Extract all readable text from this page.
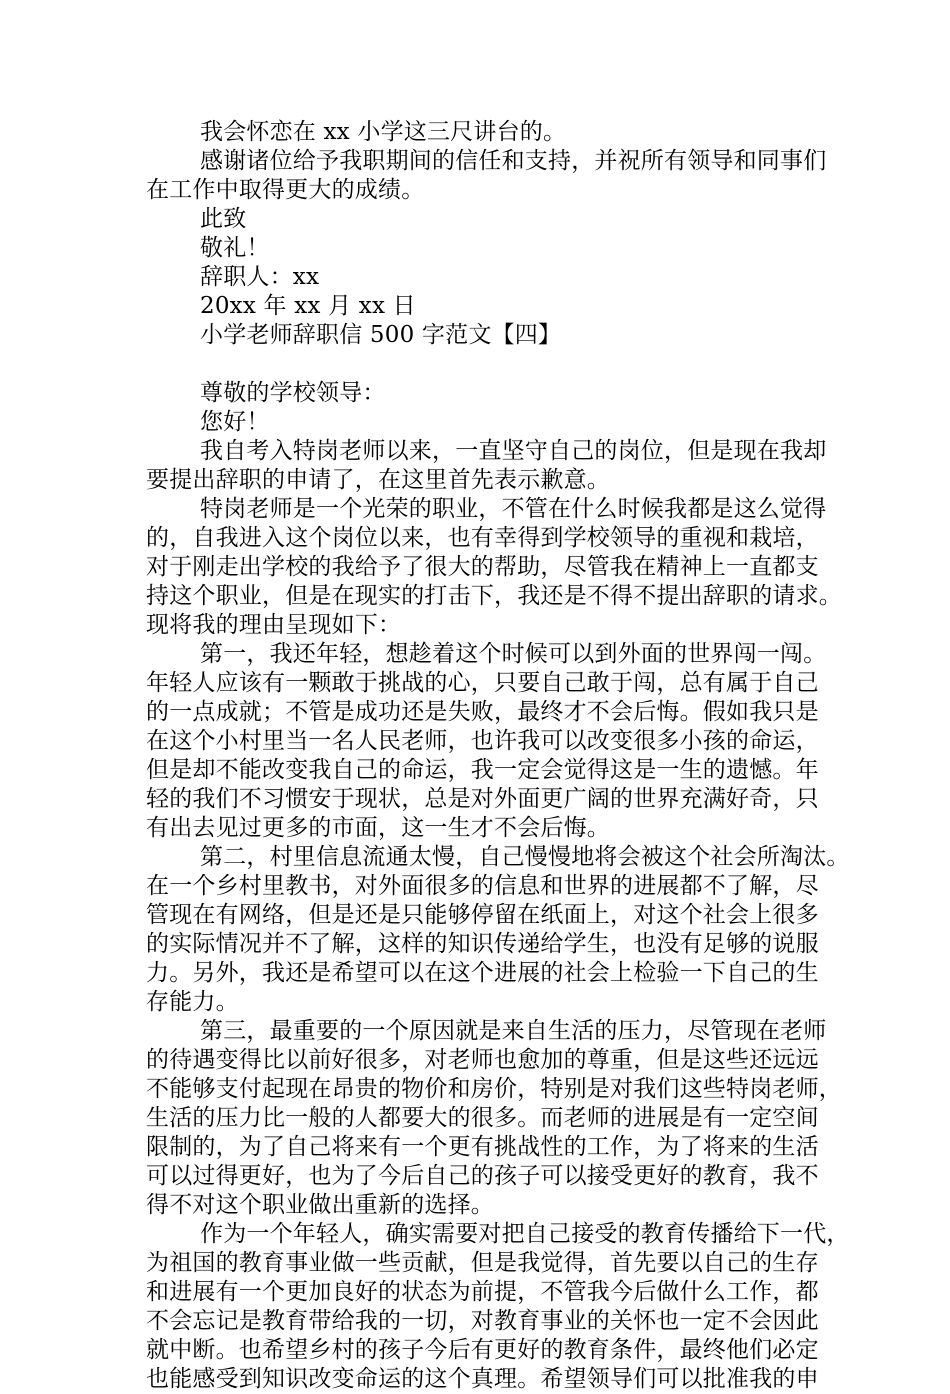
我会怀恋在 xx 小学这三尺讲台的。
感谢诸位给予我职期间的信任和支持，并祝所有领导和同事们
在工作中取得更大的成绩。
此致
敬礼！
辞职人：xx
20xx 年 xx 月 xx 日
小学老师辞职信 500 字范文【四】
尊敬的学校领导：
您好！
我自考入特岗老师以来，一直坚守自己的岗位，但是现在我却
要提出辞职的申请了，在这里首先表示歉意。
特岗老师是一个光荣的职业，不管在什么时候我都是这么觉得
的，自我进入这个岗位以来，也有幸得到学校领导的重视和栽培，
对于刚走出学校的我给予了很大的帮助，尽管我在精神上一直都支
持这个职业，但是在现实的打击下，我还是不得不提出辞职的请求。
现将我的理由呈现如下：
第一，我还年轻，想趁着这个时候可以到外面的世界闯一闯。
年轻人应该有一颗敢于挑战的心，只要自己敢于闯，总有属于自己
的一点成就；不管是成功还是失败，最终才不会后悔。假如我只是
在这个小村里当一名人民老师，也许我可以改变很多小孩的命运，
但是却不能改变我自己的命运，我一定会觉得这是一生的遗憾。年
轻的我们不习惯安于现状，总是对外面更广阔的世界充满好奇，只
有出去见过更多的市面，这一生才不会后悔。
第二，村里信息流通太慢，自己慢慢地将会被这个社会所淘汰。
在一个乡村里教书，对外面很多的信息和世界的进展都不了解，尽
管现在有网络，但是还是只能够停留在纸面上，对这个社会上很多
的实际情况并不了解，这样的知识传递给学生，也没有足够的说服
力。另外，我还是希望可以在这个进展的社会上检验一下自己的生
存能力。
第三，最重要的一个原因就是来自生活的压力，尽管现在老师
的待遇变得比以前好很多，对老师也愈加的尊重，但是这些还远远
不能够支付起现在昂贵的物价和房价，特别是对我们这些特岗老师，
生活的压力比一般的人都要大的很多。而老师的进展是有一定空间
限制的，为了自己将来有一个更有挑战性的工作，为了将来的生活
可以过得更好，也为了今后自己的孩子可以接受更好的教育，我不
得不对这个职业做出重新的选择。
作为一个年轻人，确实需要对把自己接受的教育传播给下一代，
为祖国的教育事业做一些贡献，但是我觉得，首先要以自己的生存
和进展有一个更加良好的状态为前提，不管我今后做什么工作，都
不会忘记是教育带给我的一切，对教育事业的关怀也一定不会因此
就中断。也希望乡村的孩子今后有更好的教育条件，最终他们必定
也能感受到知识改变命运的这个真理。希望领导们可以批准我的申
